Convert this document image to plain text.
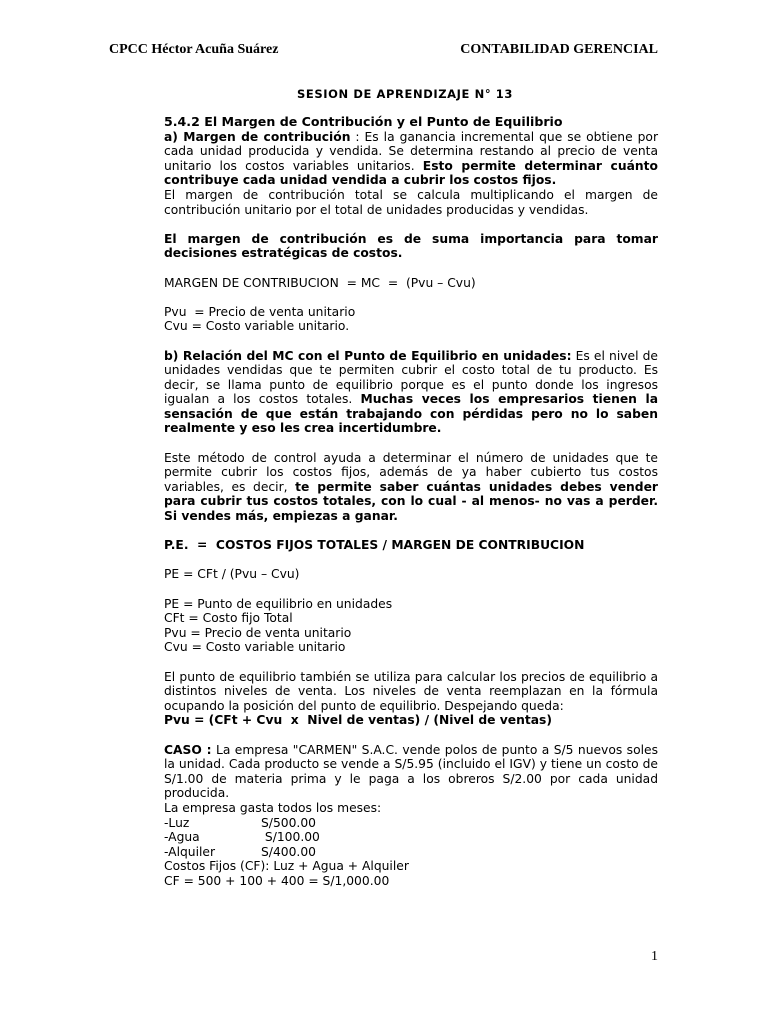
CPCC Héctor Acuña Suárez	CONTABILIDAD GERENCIAL
SESION DE APRENDIZAJE N° 13

5.4.2 El Margen de Contribución y el Punto de Equilibrio

a) Margen de contribución : Es la ganancia incremental que se obtiene por cada unidad producida y vendida. Se determina restando al precio de venta unitario los costos variables unitarios. Esto permite determinar cuánto contribuye cada unidad vendida a cubrir los costos fijos.

El margen de contribución total se calcula multiplicando el margen de contribución unitario por el total de unidades producidas y vendidas.

El margen de contribución es de suma importancia para tomar decisiones estratégicas de costos.

MARGEN DE CONTRIBUCION  = MC  =  (Pvu – Cvu)

Pvu  = Precio de venta unitario

Cvu = Costo variable unitario.

b) Relación del MC con el Punto de Equilibrio en unidades: Es el nivel de unidades vendidas que te permiten cubrir el costo total de tu producto. Es decir, se llama punto de equilibrio porque es el punto donde los ingresos igualan a los costos totales. Muchas veces los empresarios tienen la sensación de que están trabajando con pérdidas pero no lo saben realmente y eso les crea incertidumbre.

Este método de control ayuda a determinar el número de unidades que te permite cubrir los costos fijos, además de ya haber cubierto tus costos variables, es decir, te permite saber cuántas unidades debes vender para cubrir tus costos totales, con lo cual - al menos- no vas a perder. Si vendes más, empiezas a ganar.

P.E.  =  COSTOS FIJOS TOTALES / MARGEN DE CONTRIBUCION

PE = CFt / (Pvu – Cvu)

PE = Punto de equilibrio en unidades

CFt = Costo fijo Total

Pvu = Precio de venta unitario

Cvu = Costo variable unitario

El punto de equilibrio también se utiliza para calcular los precios de equilibrio a distintos niveles de venta. Los niveles de venta reemplazan en la fórmula ocupando la posición del punto de equilibrio. Despejando queda:

Pvu = (CFt + Cvu  x  Nivel de ventas) / (Nivel de ventas)

CASO : La empresa "CARMEN" S.A.C. vende polos de punto a S/5 nuevos soles la unidad. Cada producto se vende a S/5.95 (incluido el IGV) y tiene un costo de S/1.00 de materia prima y le paga a los obreros S/2.00 por cada unidad producida.

La empresa gasta todos los meses:

-Luz	S/500.00
-Agua	S/100.00
-Alquiler	S/400.00

Costos Fijos (CF): Luz + Agua + Alquiler

CF = 500 + 100 + 400 = S/1,000.00

1
